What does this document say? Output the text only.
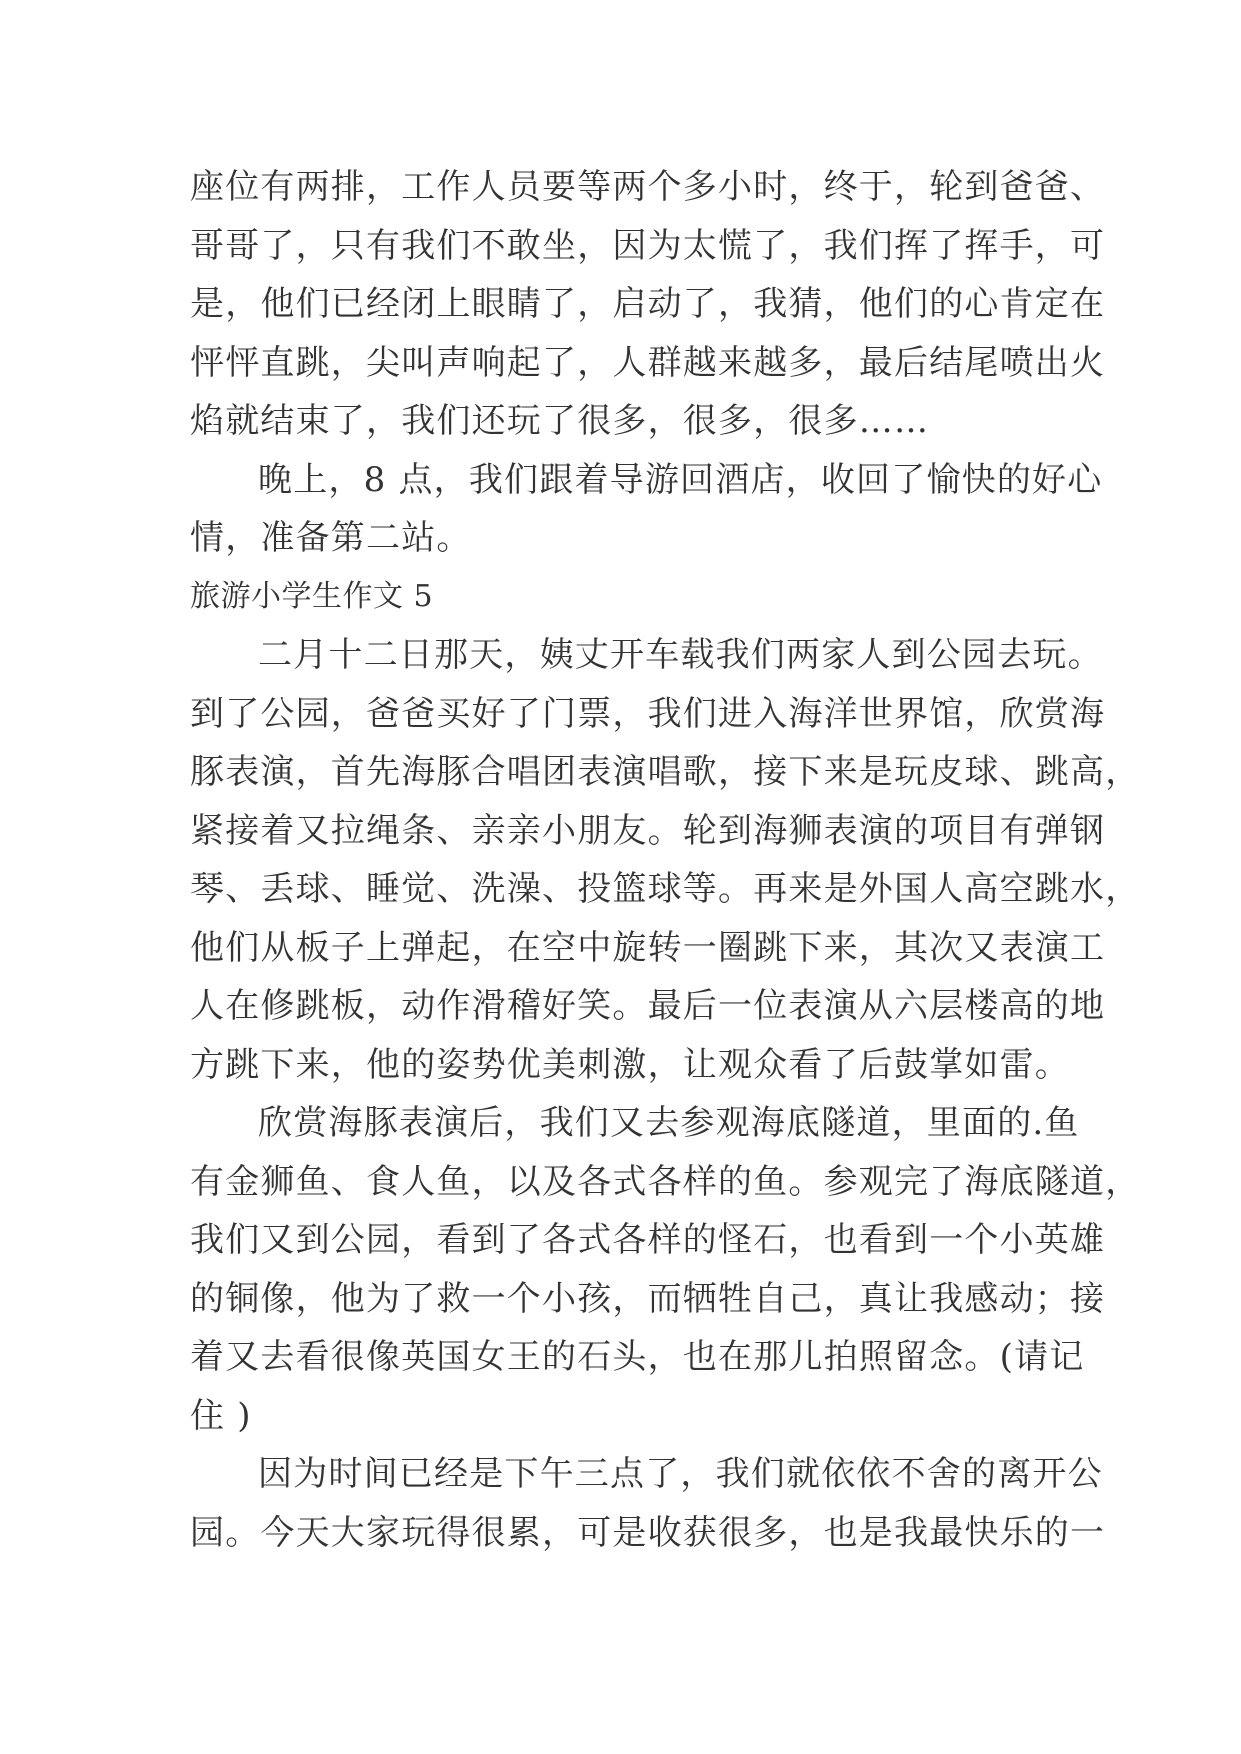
座位有两排，工作人员要等两个多小时，终于，轮到爸爸、
哥哥了，只有我们不敢坐，因为太慌了，我们挥了挥手，可
是，他们已经闭上眼睛了，启动了，我猜，他们的心肯定在
怦怦直跳，尖叫声响起了，人群越来越多，最后结尾喷出火
焰就结束了，我们还玩了很多，很多，很多……
晚上，8 点，我们跟着导游回酒店，收回了愉快的好心
情，准备第二站。
旅游小学生作文 5
二月十二日那天，姨丈开车载我们两家人到公园去玩。
到了公园，爸爸买好了门票，我们进入海洋世界馆，欣赏海
豚表演，首先海豚合唱团表演唱歌，接下来是玩皮球、跳高，
紧接着又拉绳条、亲亲小朋友。轮到海狮表演的项目有弹钢
琴、丢球、睡觉、洗澡、投篮球等。再来是外国人高空跳水，
他们从板子上弹起，在空中旋转一圈跳下来，其次又表演工
人在修跳板，动作滑稽好笑。最后一位表演从六层楼高的地
方跳下来，他的姿势优美刺激，让观众看了后鼓掌如雷。
欣赏海豚表演后，我们又去参观海底隧道，里面的.鱼
有金狮鱼、食人鱼，以及各式各样的鱼。参观完了海底隧道，
我们又到公园，看到了各式各样的怪石，也看到一个小英雄
的铜像，他为了救一个小孩，而牺牲自己，真让我感动；接
着又去看很像英国女王的石头，也在那儿拍照留念。(请记
住 )
因为时间已经是下午三点了，我们就依依不舍的离开公
园。今天大家玩得很累，可是收获很多，也是我最快乐的一
